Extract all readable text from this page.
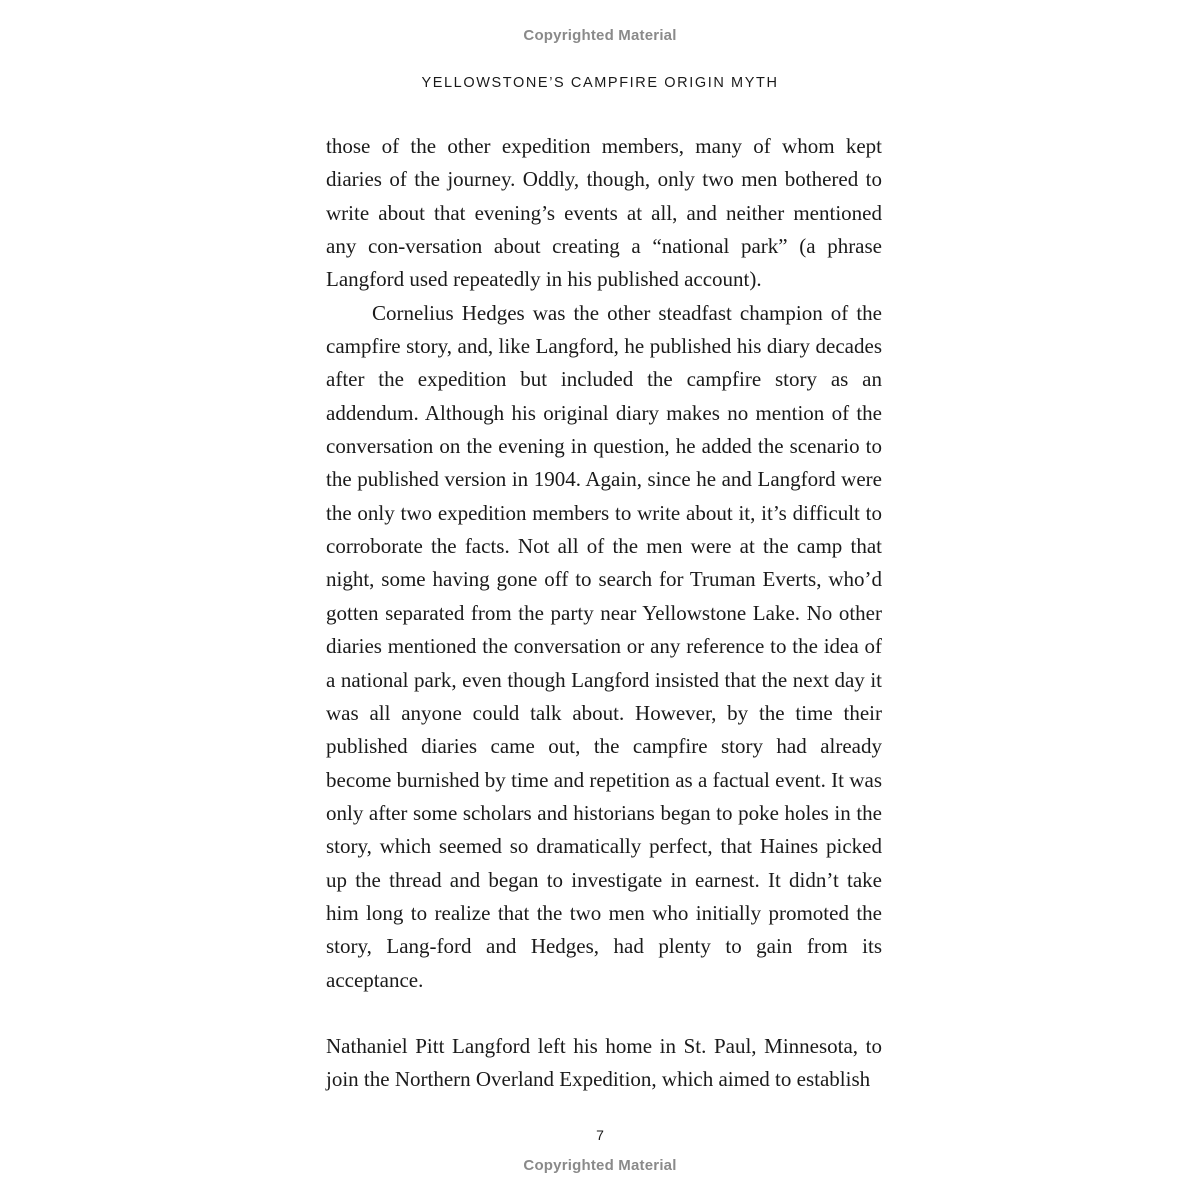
Copyrighted Material
YELLOWSTONE’S CAMPFIRE ORIGIN MYTH

those of the other expedition members, many of whom kept diaries of the journey. Oddly, though, only two men bothered to write about that evening’s events at all, and neither mentioned any con-versation about creating a “national park” (a phrase Langford used repeatedly in his published account).

Cornelius Hedges was the other steadfast champion of the campfire story, and, like Langford, he published his diary decades after the expedition but included the campfire story as an addendum. Although his original diary makes no mention of the conversation on the evening in question, he added the scenario to the published version in 1904. Again, since he and Langford were the only two expedition members to write about it, it’s difficult to corroborate the facts. Not all of the men were at the camp that night, some having gone off to search for Truman Everts, who’d gotten separated from the party near Yellowstone Lake. No other diaries mentioned the conversation or any reference to the idea of a national park, even though Langford insisted that the next day it was all anyone could talk about. However, by the time their published diaries came out, the campfire story had already become burnished by time and repetition as a factual event. It was only after some scholars and historians began to poke holes in the story, which seemed so dramatically perfect, that Haines picked up the thread and began to investigate in earnest. It didn’t take him long to realize that the two men who initially promoted the story, Lang-ford and Hedges, had plenty to gain from its acceptance.

Nathaniel Pitt Langford left his home in St. Paul, Minnesota, to join the Northern Overland Expedition, which aimed to establish

7
Copyrighted Material
